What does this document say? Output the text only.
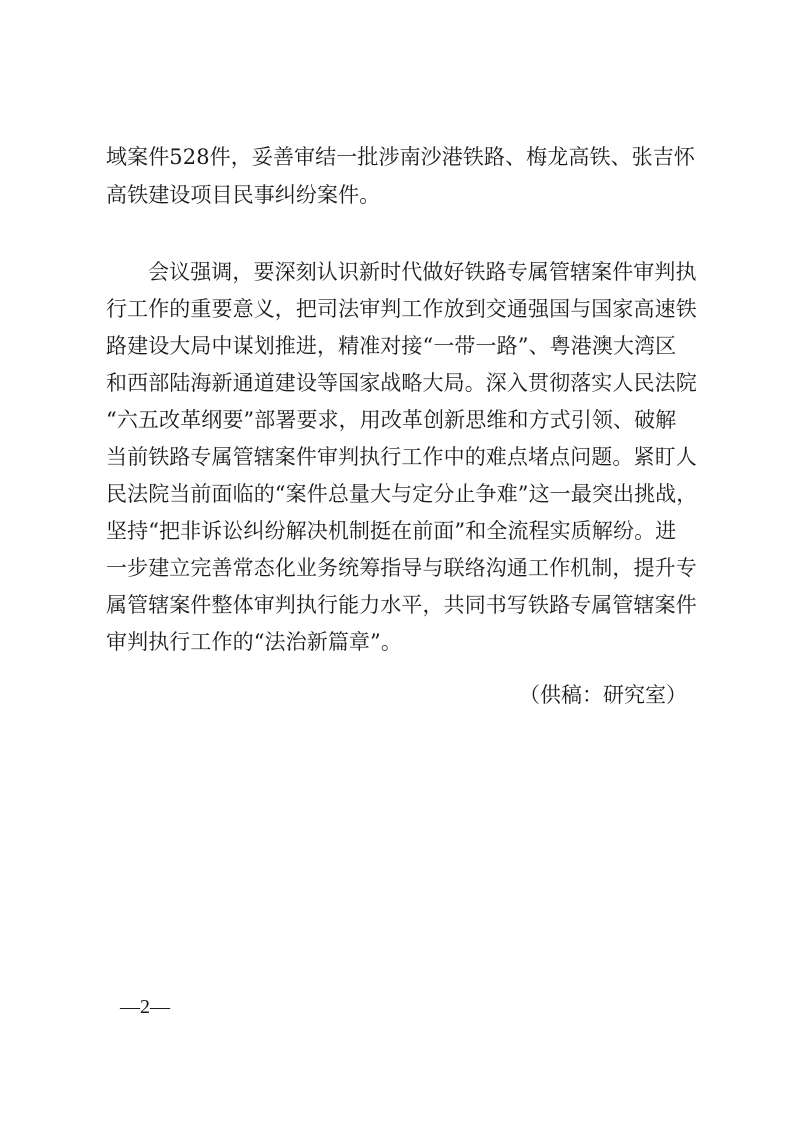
域案件528件，妥善审结一批涉南沙港铁路、梅龙高铁、张吉怀

高铁建设项目民事纠纷案件。

会议强调，要深刻认识新时代做好铁路专属管辖案件审判执

行工作的重要意义，把司法审判工作放到交通强国与国家高速铁

路建设大局中谋划推进，精准对接“一带一路”、粤港澳大湾区

和西部陆海新通道建设等国家战略大局。深入贯彻落实人民法院

“六五改革纲要”部署要求，用改革创新思维和方式引领、破解

当前铁路专属管辖案件审判执行工作中的难点堵点问题。紧盯人

民法院当前面临的“案件总量大与定分止争难”这一最突出挑战，

坚持“把非诉讼纠纷解决机制挺在前面”和全流程实质解纷。进

一步建立完善常态化业务统筹指导与联络沟通工作机制，提升专

属管辖案件整体审判执行能力水平，共同书写铁路专属管辖案件

审判执行工作的“法治新篇章”。

（供稿：研究室）

—2—
